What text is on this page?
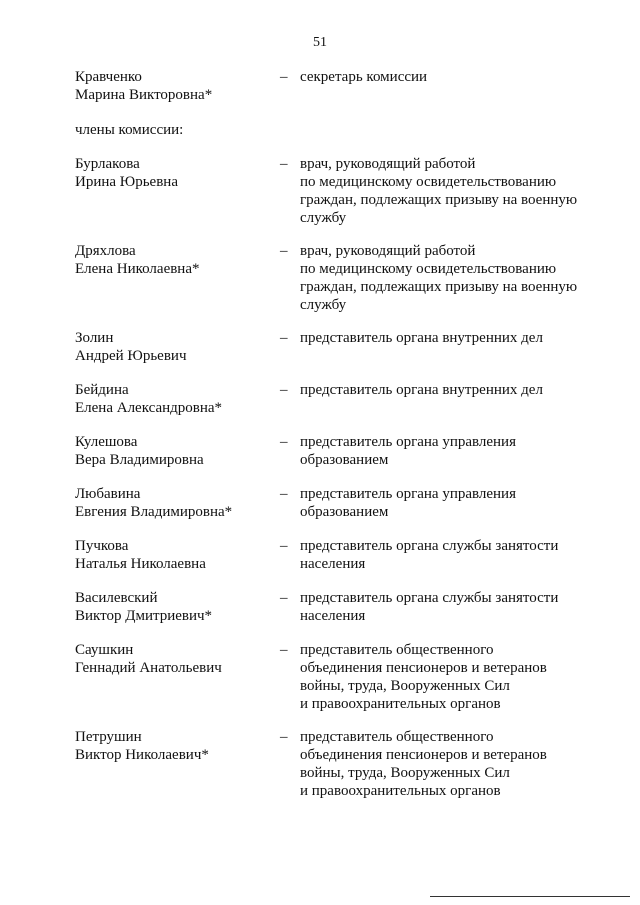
51
Кравченко
Марина Викторовна*
– секретарь комиссии
члены комиссии:
Бурлакова
Ирина Юрьевна
– врач, руководящий работой
по медицинскому освидетельствованию
граждан, подлежащих призыву на военную
службу
Дряхлова
Елена Николаевна*
– врач, руководящий работой
по медицинскому освидетельствованию
граждан, подлежащих призыву на военную
службу
Золин
Андрей Юрьевич
– представитель органа внутренних дел
Бейдина
Елена Александровна*
– представитель органа внутренних дел
Кулешова
Вера Владимировна
– представитель органа управления
образованием
Любавина
Евгения Владимировна*
– представитель органа управления
образованием
Пучкова
Наталья Николаевна
– представитель органа службы занятости
населения
Василевский
Виктор Дмитриевич*
– представитель органа службы занятости
населения
Саушкин
Геннадий Анатольевич
– представитель общественного
объединения пенсионеров и ветеранов
войны, труда, Вооруженных Сил
и правоохранительных органов
Петрушин
Виктор Николаевич*
– представитель общественного
объединения пенсионеров и ветеранов
войны, труда, Вооруженных Сил
и правоохранительных органов
